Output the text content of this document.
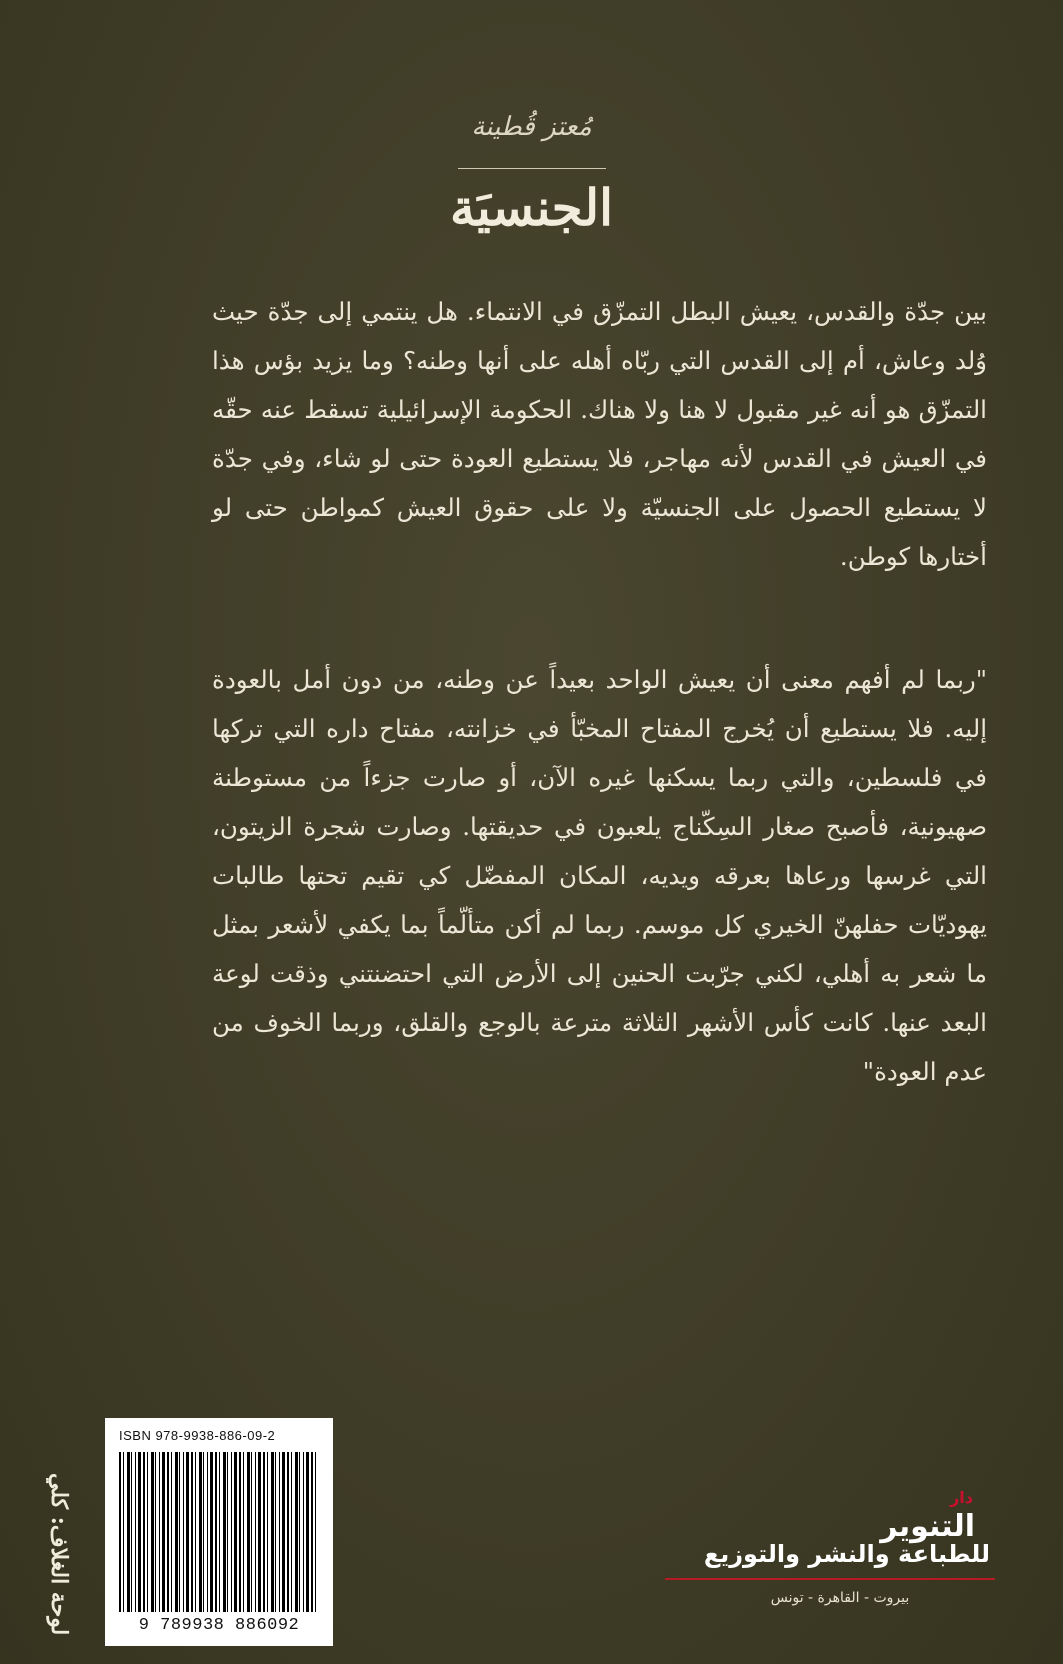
مُعتز قُطينة
الجنسيَة
بين جدّة والقدس، يعيش البطل التمزّق في الانتماء. هل ينتمي إلى جدّة حيث وُلد وعاش، أم إلى القدس التي ربّاه أهله على أنها وطنه؟ وما يزيد بؤس هذا التمزّق هو أنه غير مقبول لا هنا ولا هناك. الحكومة الإسرائيلية تسقط عنه حقّه في العيش في القدس لأنه مهاجر، فلا يستطيع العودة حتى لو شاء، وفي جدّة لا يستطيع الحصول على الجنسيّة ولا على حقوق العيش كمواطن حتى لو أختارها كوطن.
"ربما لم أفهم معنى أن يعيش الواحد بعيداً عن وطنه، من دون أمل بالعودة إليه. فلا يستطيع أن يُخرج المفتاح المخبّأ في خزانته، مفتاح داره التي تركها في فلسطين، والتي ربما يسكنها غيره الآن، أو صارت جزءاً من مستوطنة صهيونية، فأصبح صغار السِكّناج يلعبون في حديقتها. وصارت شجرة الزيتون، التي غرسها ورعاها بعرقه ويديه، المكان المفضّل كي تقيم تحتها طالبات يهوديّات حفلهنّ الخيري كل موسم. ربما لم أكن متألّماً بما يكفي لأشعر بمثل ما شعر به أهلي، لكني جرّبت الحنين إلى الأرض التي احتضنتني وذقت لوعة البعد عنها. كانت كأس الأشهر الثلاثة مترعة بالوجع والقلق، وربما الخوف من عدم العودة"
لوحة الغلاف: كلي
ISBN 978-9938-886-09-2
9 789938 886092
دار
التنوير
للطباعة والنشر والتوزيع
بيروت - القاهرة - تونس
